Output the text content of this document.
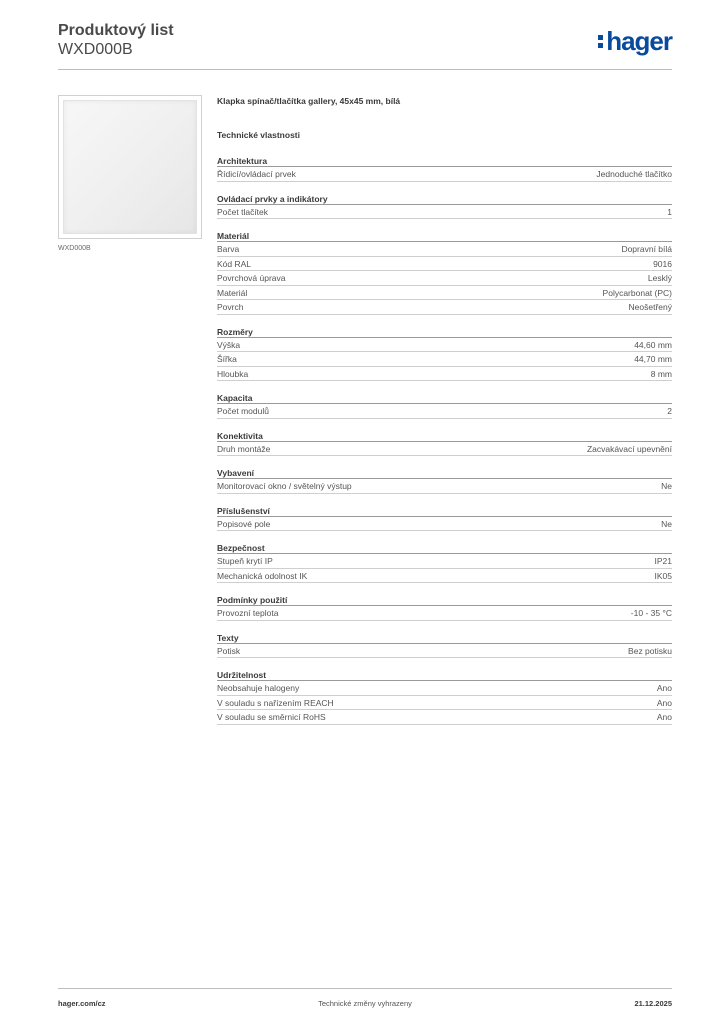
Produktový list
WXD000B	hager
WXD000B
Klapka spínač/tlačítka gallery, 45x45 mm, bílá
Technické vlastnosti
Architektura
Řídicí/ovládací prvek	Jednoduché tlačítko
Ovládací prvky a indikátory
Počet tlačítek	1
Materiál
Barva	Dopravní bílá
Kód RAL	9016
Povrchová úprava	Lesklý
Materiál	Polycarbonat (PC)
Povrch	Neošetřený
Rozměry
Výška	44,60 mm
Šířka	44,70 mm
Hloubka	8 mm
Kapacita
Počet modulů	2
Konektivita
Druh montáže	Zacvakávací upevnění
Vybavení
Monitorovací okno / světelný výstup	Ne
Příslušenství
Popisové pole	Ne
Bezpečnost
Stupeň krytí IP	IP21
Mechanická odolnost IK	IK05
Podmínky použití
Provozní teplota	-10 - 35 °C
Texty
Potisk	Bez potisku
Udržitelnost
Neobsahuje halogeny	Ano
V souladu s nařízením REACH	Ano
V souladu se směrnicí RoHS	Ano
hager.com/cz	Technické změny vyhrazeny	21.12.2025
